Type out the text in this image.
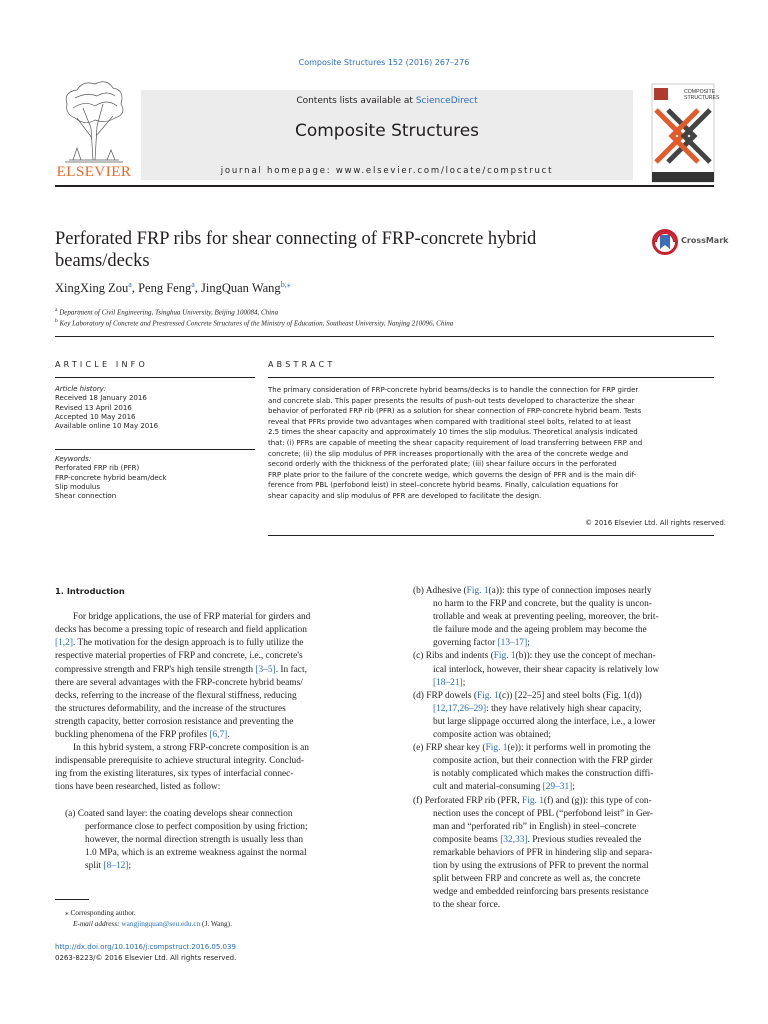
Composite Structures 152 (2016) 267–276
ELSEVIER
Contents lists available at ScienceDirect
Composite Structures
journal homepage: www.elsevier.com/locate/compstruct
COMPOSITE
STRUCTURES
Perforated FRP ribs for shear connecting of FRP-concrete hybrid
beams/decks
CrossMark
XingXing Zou$^a$, Peng Feng$^a$, JingQuan Wang$^{b,⁎}$
$^a$ Department of Civil Engineering, Tsinghua University, Beijing 100084, China
$^b$ Key Laboratory of Concrete and Prestressed Concrete Structures of the Ministry of Education, Southeast University, Nanjing 210096, China
ARTICLE INFO
Article history:
Received 18 January 2016
Revised 13 April 2016
Accepted 10 May 2016
Available online 10 May 2016
Keywords:
Perforated FRP rib (PFR)
FRP-concrete hybrid beam/deck
Slip modulus
Shear connection
ABSTRACT
The primary consideration of FRP-concrete hybrid beams/decks is to handle the connection for FRP girder
and concrete slab. This paper presents the results of push-out tests developed to characterize the shear
behavior of perforated FRP rib (PFR) as a solution for shear connection of FRP-concrete hybrid beam. Tests
reveal that PFRs provide two advantages when compared with traditional steel bolts, related to at least
2.5 times the shear capacity and approximately 10 times the slip modulus. Theoretical analysis indicated
that: (i) PFRs are capable of meeting the shear capacity requirement of load transferring between FRP and
concrete; (ii) the slip modulus of PFR increases proportionally with the area of the concrete wedge and
second orderly with the thickness of the perforated plate; (iii) shear failure occurs in the perforated
FRP plate prior to the failure of the concrete wedge, which governs the design of PFR and is the main dif-
ference from PBL (perfobond leist) in steel–concrete hybrid beams. Finally, calculation equations for
shear capacity and slip modulus of PFR are developed to facilitate the design.
© 2016 Elsevier Ltd. All rights reserved.
1. Introduction
For bridge applications, the use of FRP material for girders and
decks has become a pressing topic of research and field application
[1,2]. The motivation for the design approach is to fully utilize the
respective material properties of FRP and concrete, i.e., concrete's
compressive strength and FRP's high tensile strength [3–5]. In fact,
there are several advantages with the FRP-concrete hybrid beams/
decks, referring to the increase of the flexural stiffness, reducing
the structures deformability, and the increase of the structures
strength capacity, better corrosion resistance and preventing the
buckling phenomena of the FRP profiles [6,7].
In this hybrid system, a strong FRP-concrete composition is an
indispensable prerequisite to achieve structural integrity. Conclud-
ing from the existing literatures, six types of interfacial connec-
tions have been researched, listed as follow:
(a) Coated sand layer: the coating develops shear connection
performance close to perfect composition by using friction;
however, the normal direction strength is usually less than
1.0 MPa, which is an extreme weakness against the normal
split [8–12];
⁎ Corresponding author.
E-mail address: wangjingquan@seu.edu.cn (J. Wang).
http://dx.doi.org/10.1016/j.compstruct.2016.05.039
0263-8223/© 2016 Elsevier Ltd. All rights reserved.
(b) Adhesive (Fig. 1(a)): this type of connection imposes nearly
no harm to the FRP and concrete, but the quality is uncon-
trollable and weak at preventing peeling, moreover, the brit-
tle failure mode and the ageing problem may become the
governing factor [13–17];
(c) Ribs and indents (Fig. 1(b)): they use the concept of mechan-
ical interlock, however, their shear capacity is relatively low
[18–21];
(d) FRP dowels (Fig. 1(c)) [22–25] and steel bolts (Fig. 1(d))
[12,17,26–29]: they have relatively high shear capacity,
but large slippage occurred along the interface, i.e., a lower
composite action was obtained;
(e) FRP shear key (Fig. 1(e)): it performs well in promoting the
composite action, but their connection with the FRP girder
is notably complicated which makes the construction diffi-
cult and material-consuming [29–31];
(f) Perforated FRP rib (PFR, Fig. 1(f) and (g)): this type of con-
nection uses the concept of PBL (“perfobond leist” in Ger-
man and “perforated rib” in English) in steel–concrete
composite beams [32,33]. Previous studies revealed the
remarkable behaviors of PFR in hindering slip and separa-
tion by using the extrusions of PFR to prevent the normal
split between FRP and concrete as well as, the concrete
wedge and embedded reinforcing bars presents resistance
to the shear force.
